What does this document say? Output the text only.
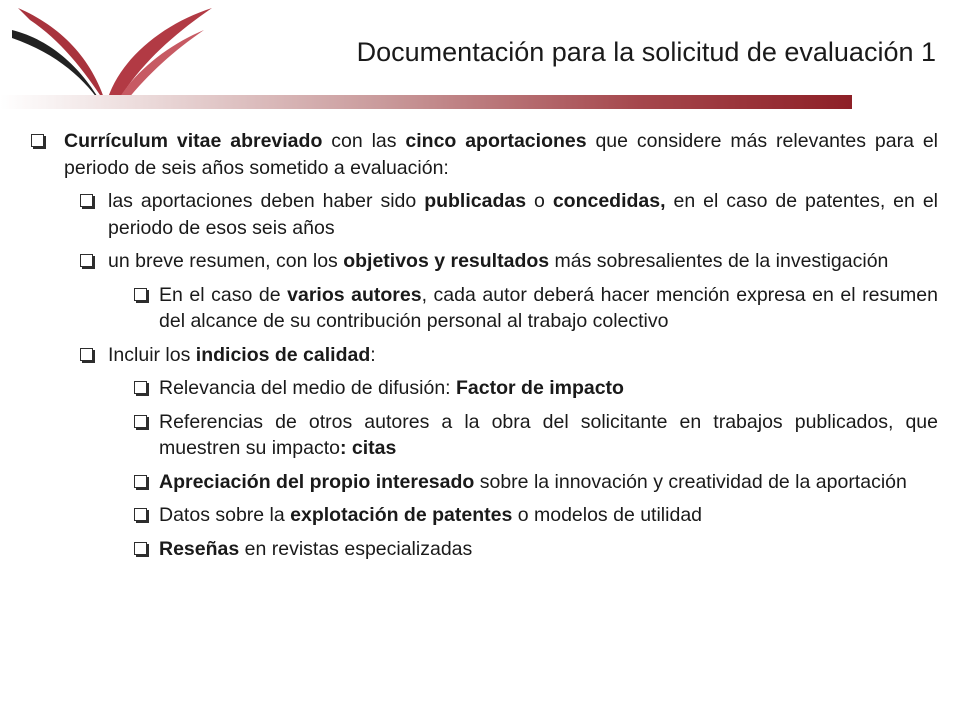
Documentación para la solicitud de evaluación 1
Currículum vitae abreviado con las cinco aportaciones que considere más relevantes para el periodo de seis años sometido a evaluación:
las aportaciones deben haber sido publicadas o concedidas, en el caso de patentes, en el periodo de esos seis años
un breve resumen, con los objetivos y resultados más sobresalientes de la investigación
En el caso de varios autores, cada autor deberá hacer mención expresa en el resumen del alcance de su contribución personal al trabajo colectivo
Incluir los indicios de calidad:
Relevancia del medio de difusión: Factor de impacto
Referencias de otros autores a la obra del solicitante en trabajos publicados, que muestren su impacto: citas
Apreciación del propio interesado sobre la innovación y creatividad de la aportación
Datos sobre la explotación de patentes o modelos de utilidad
Reseñas en revistas especializadas
